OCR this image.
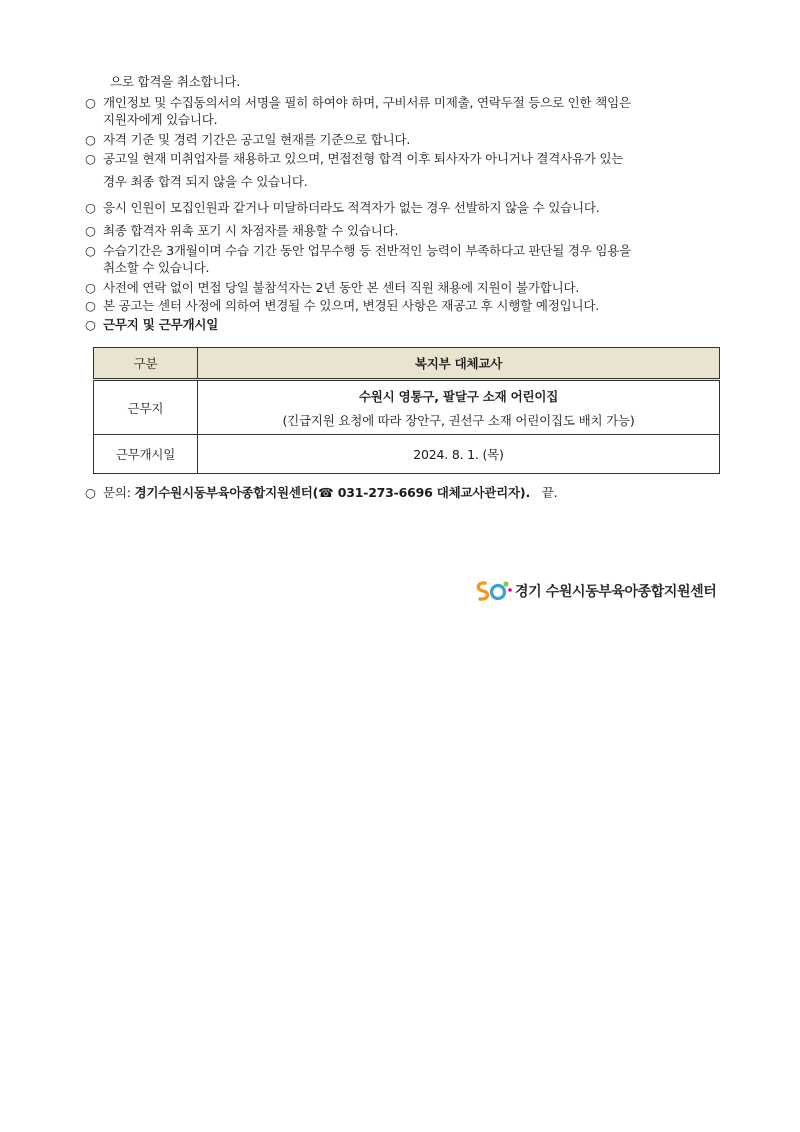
으로 합격을 취소합니다.
○ 개인정보 및 수집동의서의 서명을 필히 하여야 하며, 구비서류 미제출, 연락두절 등으로 인한 책임은
지원자에게 있습니다.
○ 자격 기준 및 경력 기간은 공고일 현재를 기준으로 합니다.
○ 공고일 현재 미취업자를 채용하고 있으며, 면접전형 합격 이후 퇴사자가 아니거나 결격사유가 있는
경우 최종 합격 되지 않을 수 있습니다.
○ 응시 인원이 모집인원과 같거나 미달하더라도 적격자가 없는 경우 선발하지 않을 수 있습니다.
○ 최종 합격자 위촉 포기 시 차점자를 채용할 수 있습니다.
○ 수습기간은 3개월이며 수습 기간 동안 업무수행 등 전반적인 능력이 부족하다고 판단될 경우 임용을
취소할 수 있습니다.
○ 사전에 연락 없이 면접 당일 불참석자는 2년 동안 본 센터 직원 채용에 지원이 불가합니다.
○ 본 공고는 센터 사정에 의하여 변경될 수 있으며, 변경된 사항은 재공고 후 시행할 예정입니다.
○ 근무지 및 근무개시일
구분	복지부 대체교사
근무지	수원시 영통구, 팔달구 소재 어린이집
(긴급지원 요청에 따라 장안구, 권선구 소재 어린이집도 배치 가능)

근무개시일	2024. 8. 1. (목)
○ 문의: 경기수원시동부육아종합지원센터(☎ 031-273-6696 대체교사관리자). 끝.
경기 수원시동부육아종합지원센터
